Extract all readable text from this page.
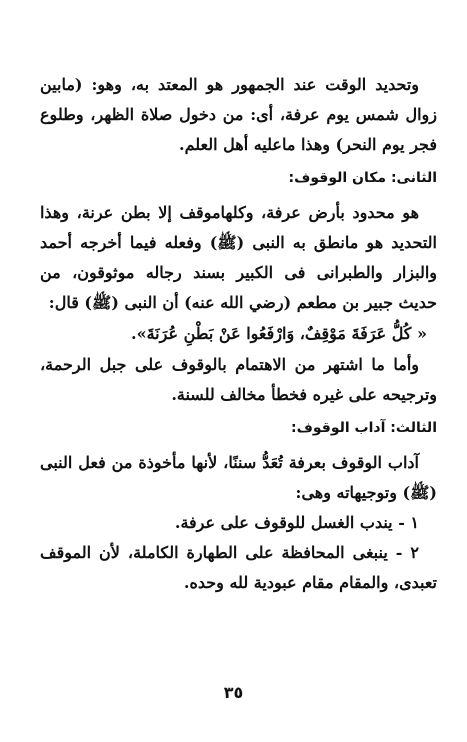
وتحديد الوقت عند الجمهور هو المعتد به، وهو: (مابين زوال شمس يوم عرفة، أى: من دخول صلاة الظهر، وطلوع فجر يوم النحر) وهذا ماعليه أهل العلم.

الثانى: مكان الوقوف:

هو محدود بأرض عرفة، وكلهاموقف إلا بطن عرنة، وهذا التحديد هو مانطق به النبى (ﷺ) وفعله فيما أخرجه أحمد والبزار والطبرانى فى الكبير بسند رجاله موثوقون، من حديث جبير بن مطعم (رضي الله عنه) أن النبى (ﷺ) قال:

« كُلُّ عَرَفَةَ مَوْقِفٌ، وَارْفَعُوا عَنْ بَطْنِ عُرَنَةَ».

وأما ما اشتهر من الاهتمام بالوقوف على جبل الرحمة، وترجيحه على غيره فخطأ مخالف للسنة.

الثالث: آداب الوقوف:

آداب الوقوف بعرفة تُعَدُّ سننًا، لأنها مأخوذة من فعل النبى (ﷺ) وتوجيهاته وهى:

١ - يندب الغسل للوقوف على عرفة.

٢ - ينبغى المحافظة على الطهارة الكاملة، لأن الموقف تعبدى، والمقام مقام عبودية لله وحده.

٣٥
